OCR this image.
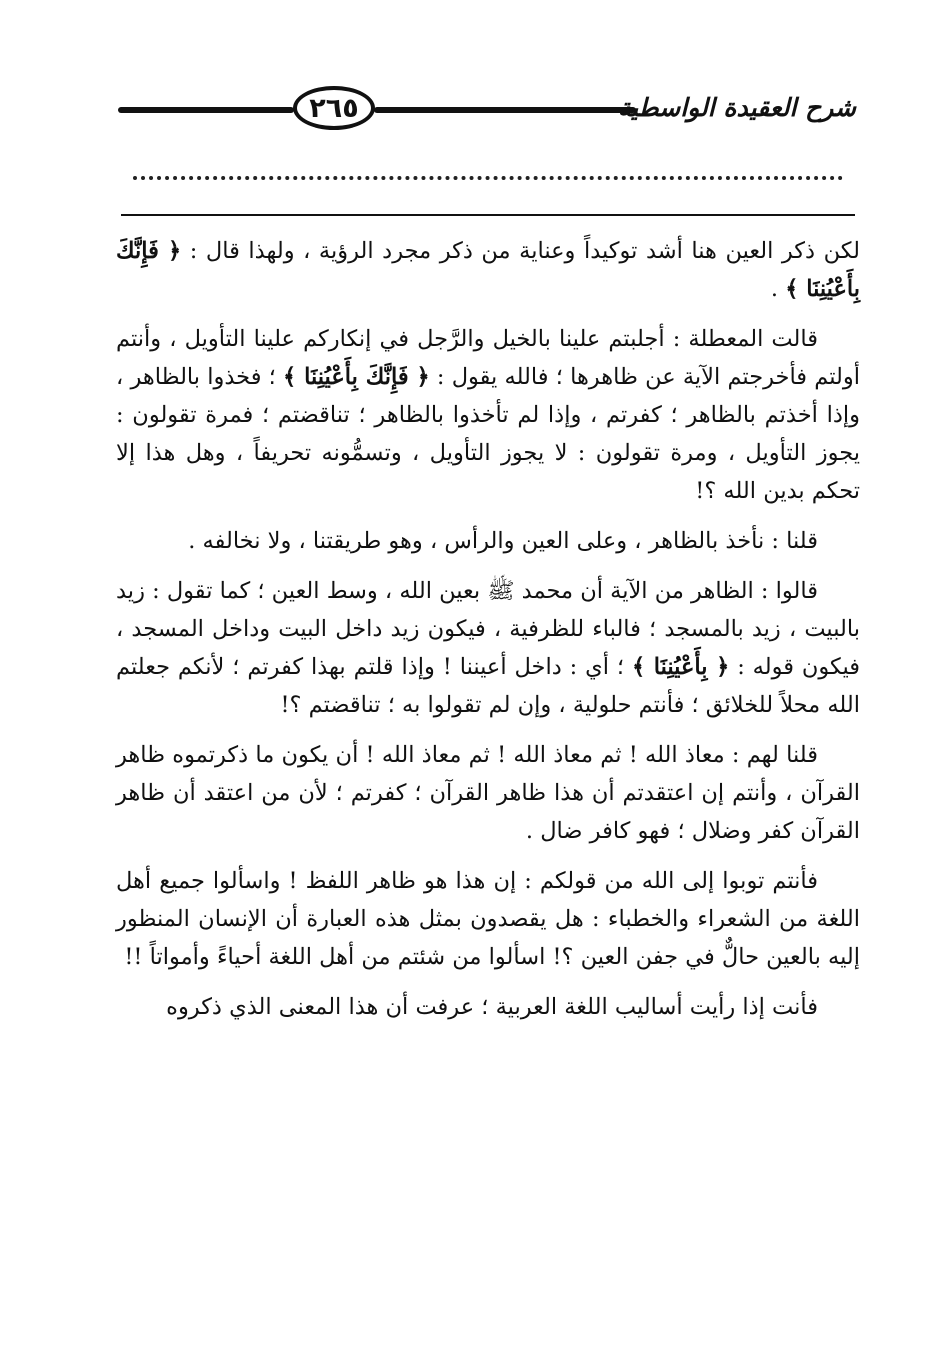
٢٦٥	شرح العقيدة الواسطية

لكن ذكر العين هنا أشد توكيداً وعناية من ذكر مجرد الرؤية ، ولهذا قال : ﴿ فَإِنَّكَ بِأَعْيُنِنَا ﴾ .

قالت المعطلة : أجلبتم علينا بالخيل والرَّجل في إنكاركم علينا التأويل ، وأنتم أولتم فأخرجتم الآية عن ظاهرها ؛ فالله يقول : ﴿ فَإِنَّكَ بِأَعْيُنِنَا ﴾ ؛ فخذوا بالظاهر ، وإذا أخذتم بالظاهر ؛ كفرتم ، وإذا لم تأخذوا بالظاهر ؛ تناقضتم ؛ فمرة تقولون : يجوز التأويل ، ومرة تقولون : لا يجوز التأويل ، وتسمُّونه تحريفاً ، وهل هذا إلا تحكم بدين الله ؟!

قلنا : نأخذ بالظاهر ، وعلى العين والرأس ، وهو طريقتنا ، ولا نخالفه .

قالوا : الظاهر من الآية أن محمد ﷺ بعين الله ، وسط العين ؛ كما تقول : زيد بالبيت ، زيد بالمسجد ؛ فالباء للظرفية ، فيكون زيد داخل البيت وداخل المسجد ، فيكون قوله : ﴿ بِأَعْيُنِنَا ﴾ ؛ أي : داخل أعيننا ! وإذا قلتم بهذا كفرتم ؛ لأنكم جعلتم الله محلاً للخلائق ؛ فأنتم حلولية ، وإن لم تقولوا به ؛ تناقضتم ؟!

قلنا لهم : معاذ الله ! ثم معاذ الله ! ثم معاذ الله ! أن يكون ما ذكرتموه ظاهر القرآن ، وأنتم إن اعتقدتم أن هذا ظاهر القرآن ؛ كفرتم ؛ لأن من اعتقد أن ظاهر القرآن كفر وضلال ؛ فهو كافر ضال .

فأنتم توبوا إلى الله من قولكم : إن هذا هو ظاهر اللفظ ! واسألوا جميع أهل اللغة من الشعراء والخطباء : هل يقصدون بمثل هذه العبارة أن الإنسان المنظور إليه بالعين حالٌّ في جفن العين ؟! اسألوا من شئتم من أهل اللغة أحياءً وأمواتاً !!

فأنت إذا رأيت أساليب اللغة العربية ؛ عرفت أن هذا المعنى الذي ذكروه
